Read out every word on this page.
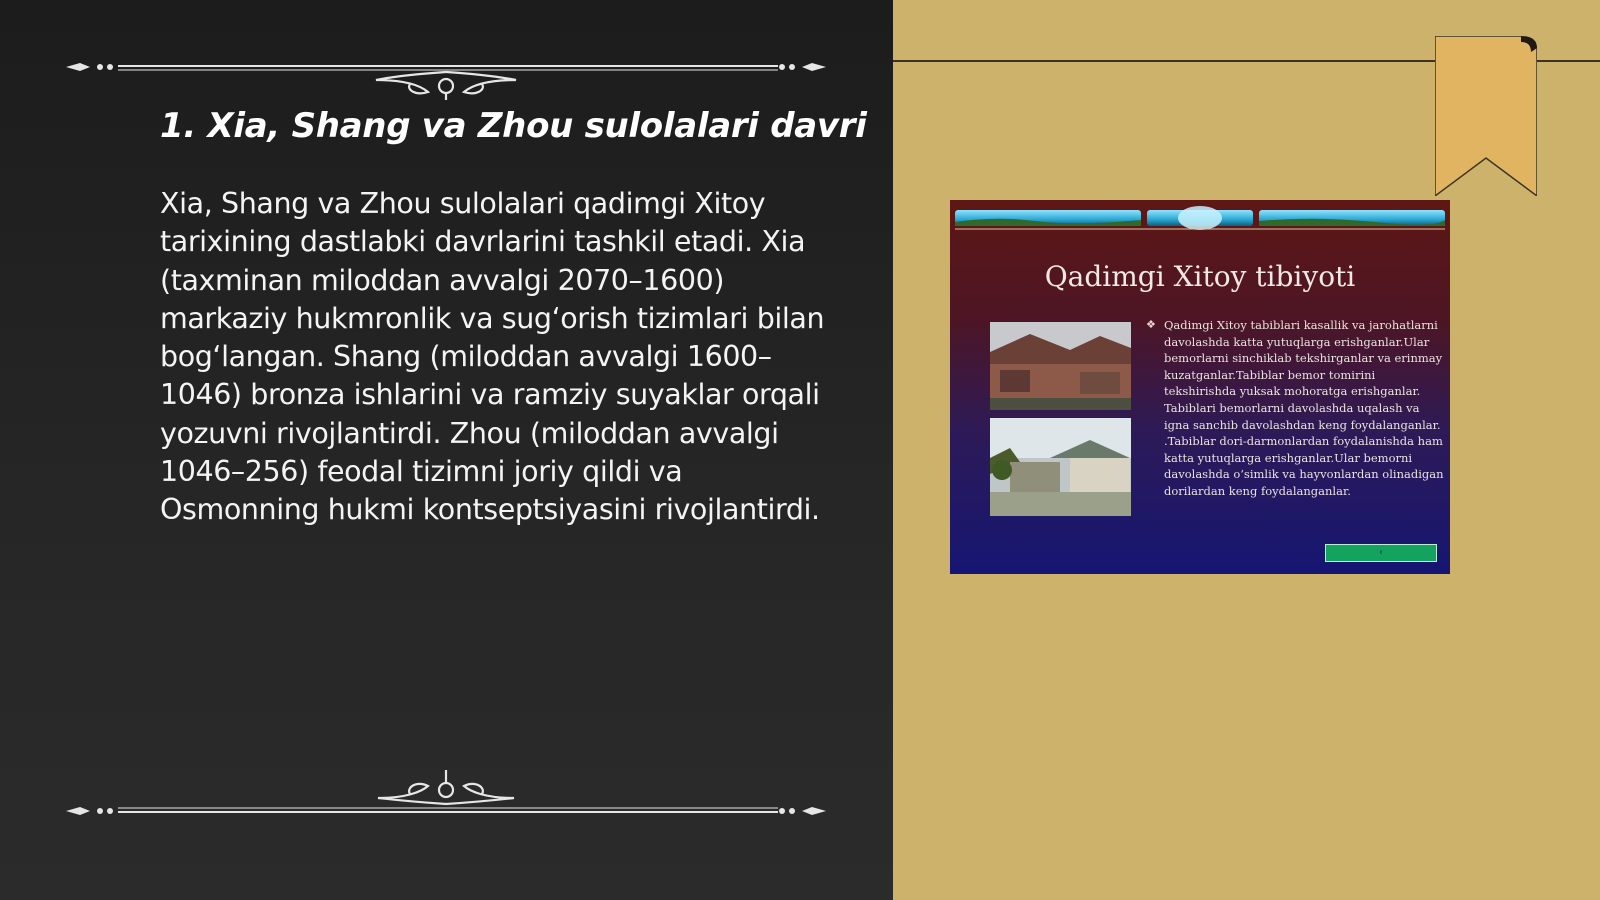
1. Xia, Shang va Zhou sulolalari davri

Xia, Shang va Zhou sulolalari qadimgi Xitoy tarixining dastlabki davrlarini tashkil etadi. Xia (taxminan miloddan avvalgi 2070–1600) markaziy hukmronlik va sug‘orish tizimlari bilan bog‘langan. Shang (miloddan avvalgi 1600–1046) bronza ishlarini va ramziy suyaklar orqali yozuvni rivojlantirdi. Zhou (miloddan avvalgi 1046–256) feodal tizimni joriy qildi va Osmonning hukmi kontseptsiyasini rivojlantirdi.

Qadimgi Xitoy tibiyoti
❖ Qadimgi Xitoy tabiblari kasallik va jarohatlarni davolashda katta yutuqlarga erishganlar.Ular bemorlarni sinchiklab tekshirganlar va erinmay kuzatganlar.Tabiblar bemor tomirini tekshirishda yuksak mohoratga erishganlar. Tabiblari bemorlarni davolashda uqalash va igna sanchib davolashdan keng foydalanganlar. .Tabiblar dori-darmonlardan foydalanishda ham katta yutuqlarga erishganlar.Ular bemorni davolashda o‘simlik va hayvonlardan olinadigan dorilardan keng foydalanganlar.

‹
